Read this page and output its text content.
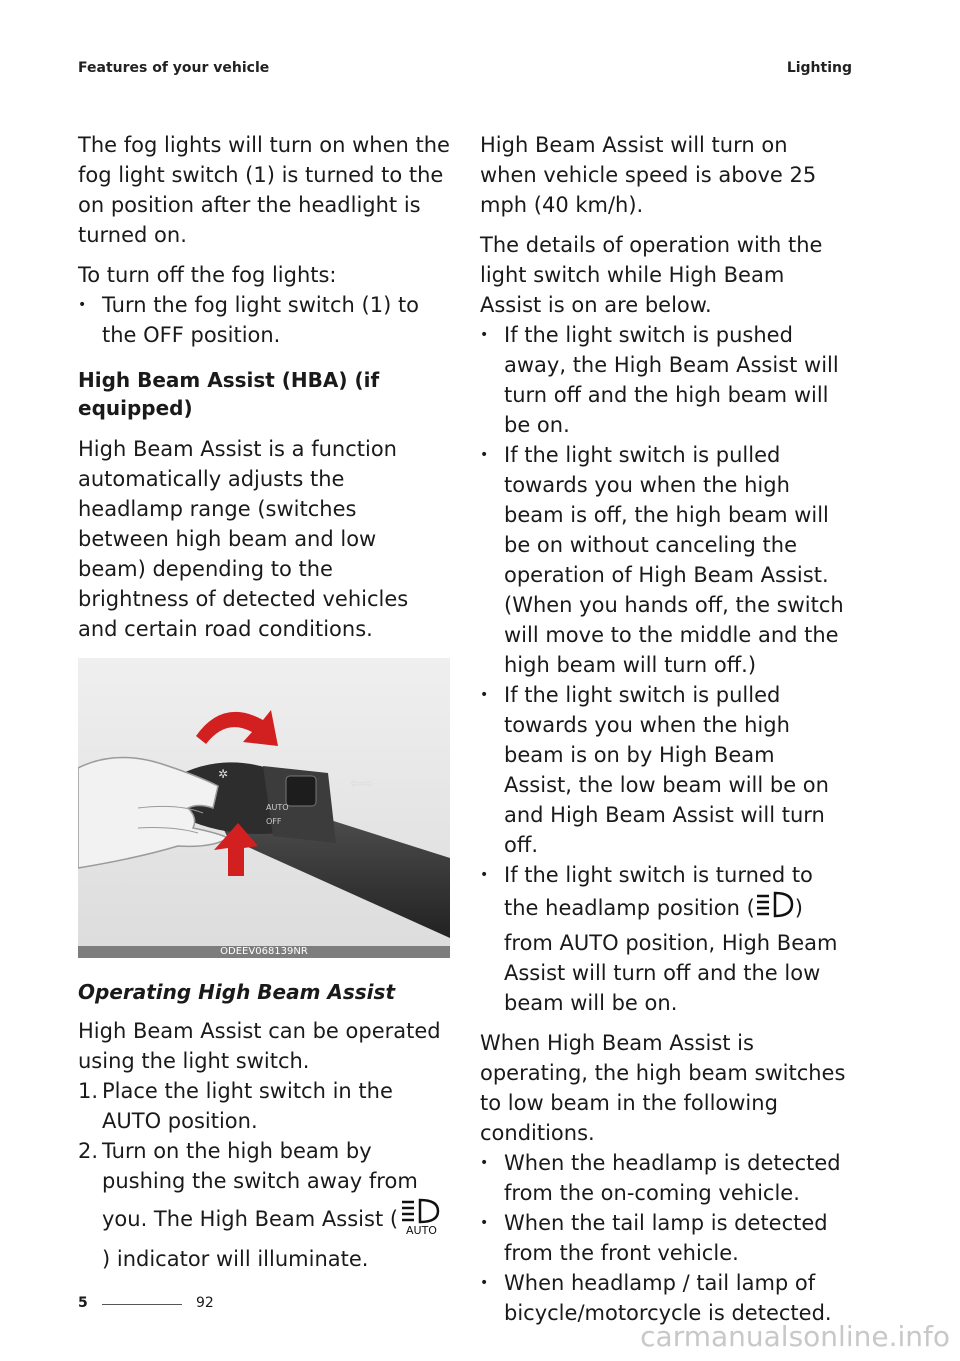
Features of your vehicle	Lighting

The fog lights will turn on when the fog light switch (1) is turned to the on position after the headlight is turned on.

To turn off the fog lights:

• Turn the fog light switch (1) to the OFF position.
High Beam Assist (HBA) (if equipped)

High Beam Assist is a function automatically adjusts the headlamp range (switches between high beam and low beam) depending to the brightness of detected vehicles and certain road conditions.

✲
AUTO
OFF
⇦⇨
ODEEV068139NR
Operating High Beam Assist

High Beam Assist can be operated using the light switch.

1. Place the light switch in the AUTO position.
2. Turn on the high beam by pushing the switch away from you. The High Beam Assist ( AUTO
) indicator will illuminate.

High Beam Assist will turn on when vehicle speed is above 25 mph (40 km/h).

The details of operation with the light switch while High Beam Assist is on are below.

• If the light switch is pushed away, the High Beam Assist will turn off and the high beam will be on.
• If the light switch is pulled towards you when the high beam is off, the high beam will be on without canceling the operation of High Beam Assist. (When you hands off, the switch will move to the middle and the high beam will turn off.)
• If the light switch is pulled towards you when the high beam is on by High Beam Assist, the low beam will be on and High Beam Assist will turn off.
• If the light switch is turned to the headlamp position ( ) from AUTO position, High Beam Assist will turn off and the low beam will be on.

When High Beam Assist is operating, the high beam switches to low beam in the following conditions.

• When the headlamp is detected from the on-coming vehicle.
• When the tail lamp is detected from the front vehicle.
• When headlamp / tail lamp of bicycle/motorcycle is detected.
5	92
carmanualsonline.info
